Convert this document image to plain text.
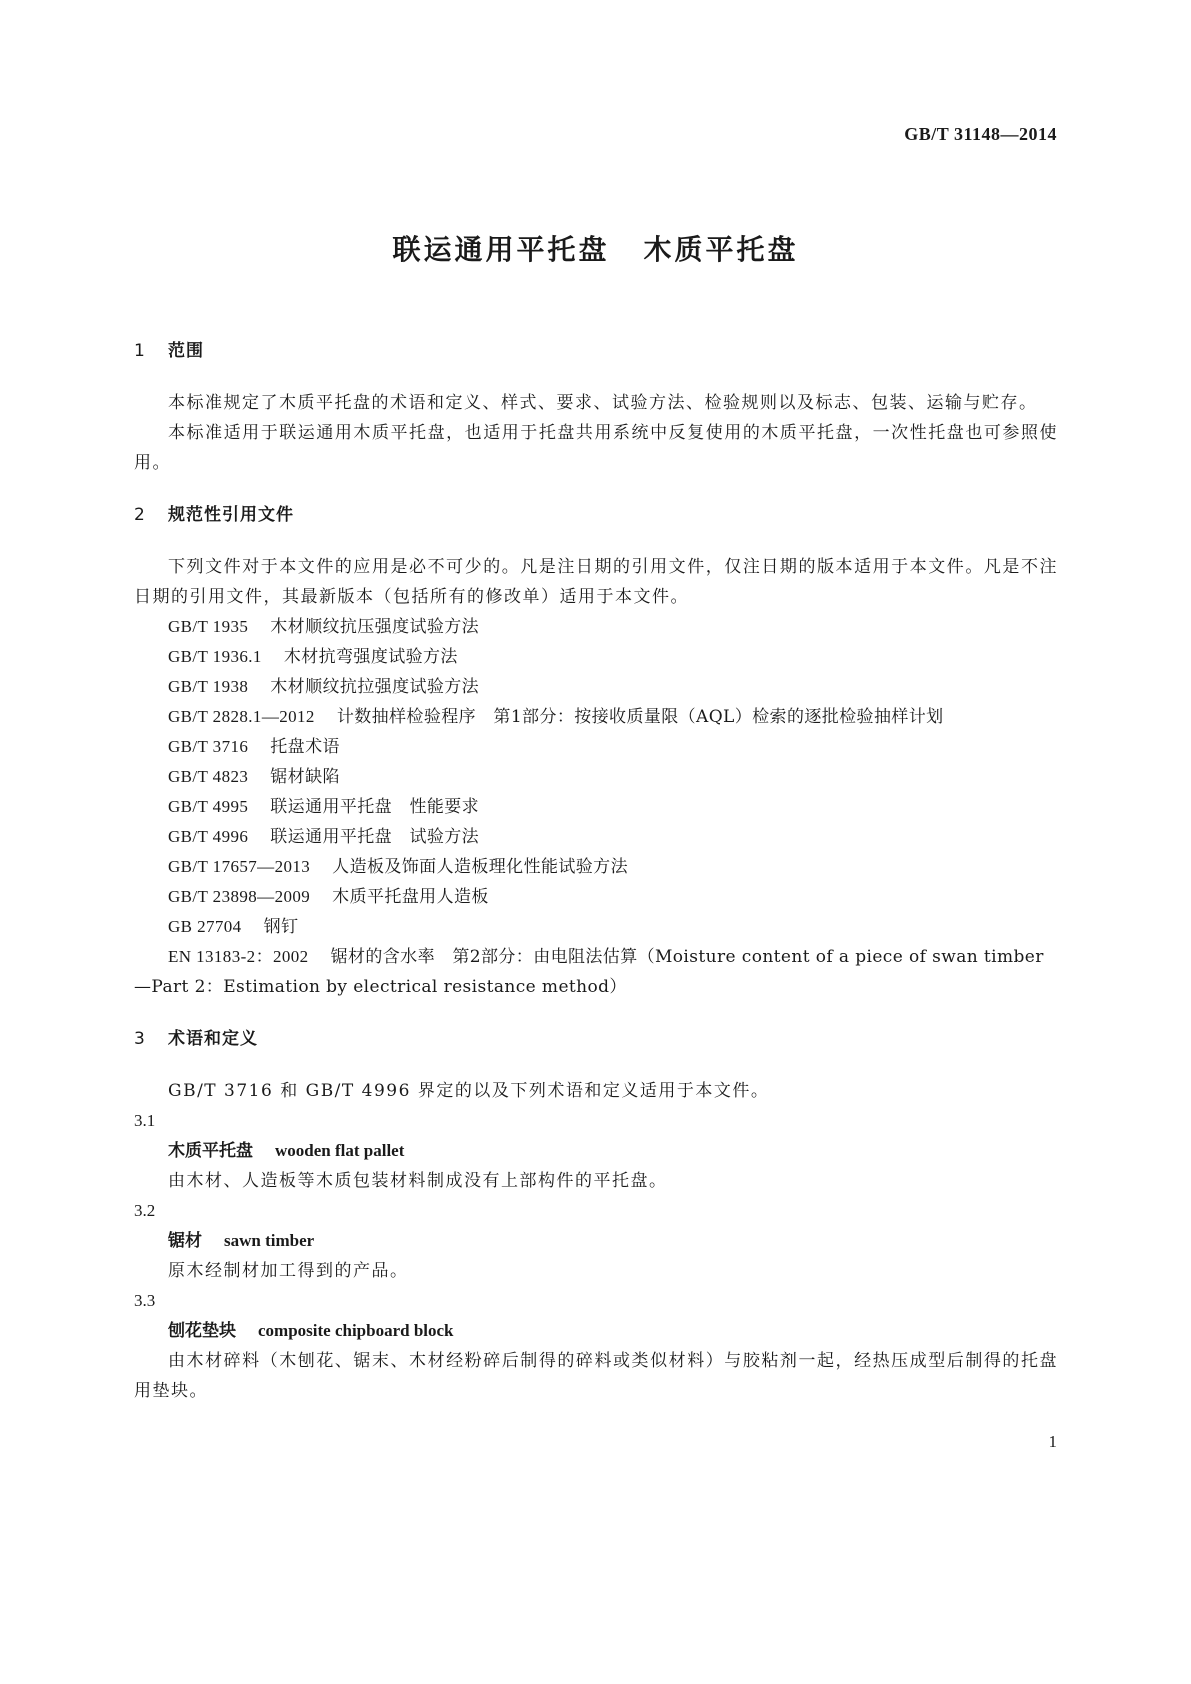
GB/T 31148—2014
联运通用平托盘 木质平托盘

1 范围

本标准规定了木质平托盘的术语和定义、样式、要求、试验方法、检验规则以及标志、包装、运输与贮存。

本标准适用于联运通用木质平托盘，也适用于托盘共用系统中反复使用的木质平托盘，一次性托盘也可参照使用。

2 规范性引用文件

下列文件对于本文件的应用是必不可少的。凡是注日期的引用文件，仅注日期的版本适用于本文件。凡是不注日期的引用文件，其最新版本（包括所有的修改单）适用于本文件。

GB/T 1935 木材顺纹抗压强度试验方法

GB/T 1936.1 木材抗弯强度试验方法

GB/T 1938 木材顺纹抗拉强度试验方法

GB/T 2828.1—2012 计数抽样检验程序　第1部分：按接收质量限（AQL）检索的逐批检验抽样计划

GB/T 3716 托盘术语

GB/T 4823 锯材缺陷

GB/T 4995 联运通用平托盘　性能要求

GB/T 4996 联运通用平托盘　试验方法

GB/T 17657—2013 人造板及饰面人造板理化性能试验方法

GB/T 23898—2009 木质平托盘用人造板

GB 27704 钢钉

EN 13183-2：2002 锯材的含水率　第2部分：由电阻法估算（Moisture content of a piece of swan timber—Part 2：Estimation by electrical resistance method）

3 术语和定义

GB/T 3716 和 GB/T 4996 界定的以及下列术语和定义适用于本文件。

3.1

木质平托盘 wooden flat pallet

由木材、人造板等木质包装材料制成没有上部构件的平托盘。

3.2

锯材 sawn timber

原木经制材加工得到的产品。

3.3

刨花垫块 composite chipboard block

由木材碎料（木刨花、锯末、木材经粉碎后制得的碎料或类似材料）与胶粘剂一起，经热压成型后制得的托盘用垫块。

1
